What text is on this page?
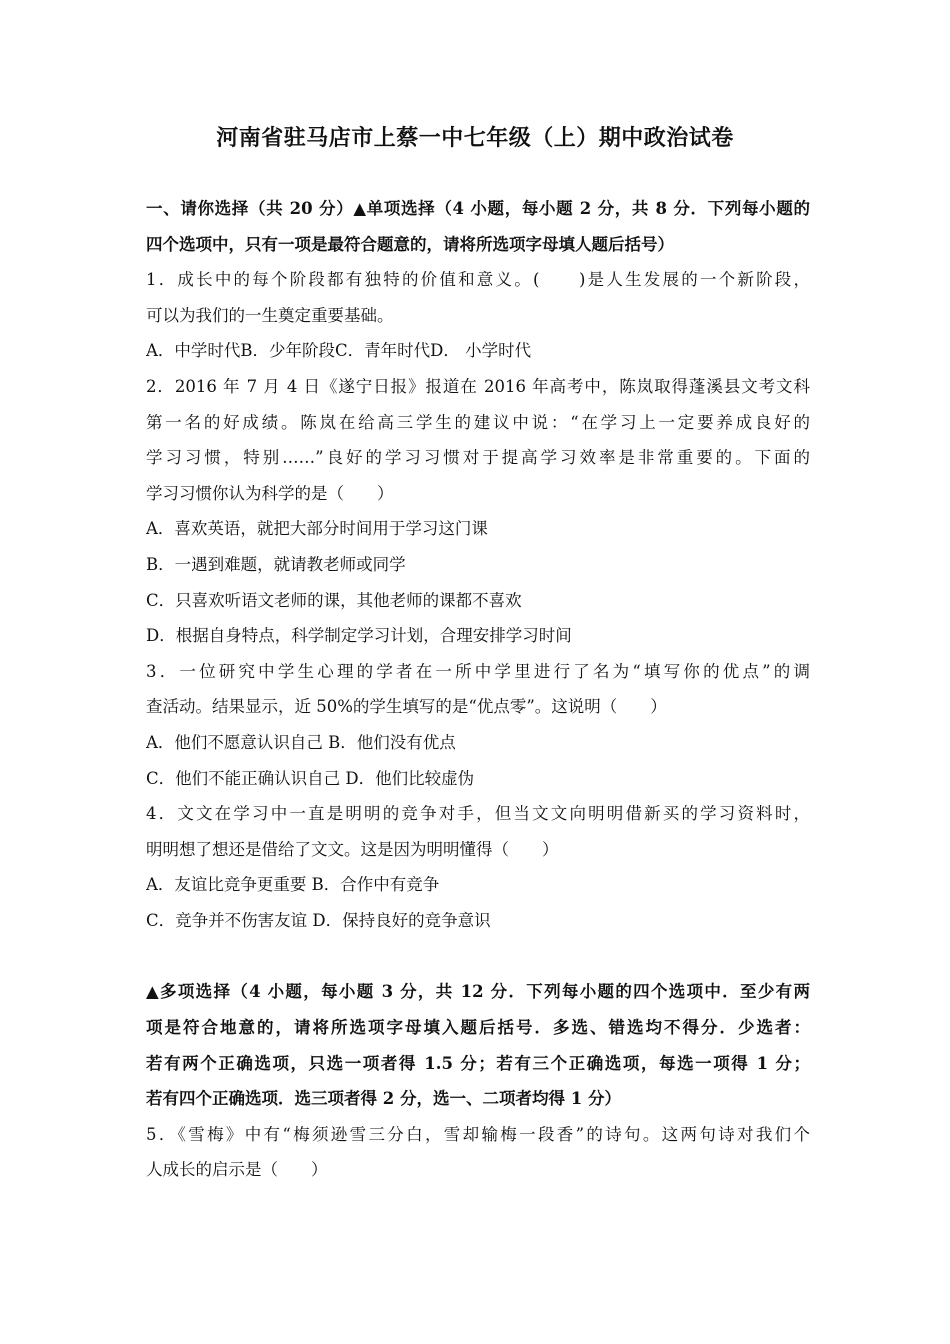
河南省驻马店市上蔡一中七年级（上）期中政治试卷
一、请你选择（共 20 分）▲单项选择（4 小题，每小题 2 分，共 8 分．下列每小题的
四个选项中，只有一项是最符合题意的，请将所选项字母填人题后括号）
1．成长中的每个阶段都有独特的价值和意义。(　　)是人生发展的一个新阶段，
可以为我们的一生奠定重要基础。
A．中学时代B．少年阶段C．青年时代D． 小学时代
2．2016 年 7 月 4 日《遂宁日报》报道在 2016 年高考中，陈岚取得蓬溪县文考文科
第一名的好成绩。陈岚在给高三学生的建议中说：“在学习上一定要养成良好的
学习习惯，特别……”良好的学习习惯对于提高学习效率是非常重要的。下面的
学习习惯你认为科学的是（　　）
A．喜欢英语，就把大部分时间用于学习这门课
B．一遇到难题，就请教老师或同学
C．只喜欢听语文老师的课，其他老师的课都不喜欢
D．根据自身特点，科学制定学习计划，合理安排学习时间
3．一位研究中学生心理的学者在一所中学里进行了名为“填写你的优点”的调
查活动。结果显示，近 50%的学生填写的是“优点零”。这说明（　　）
A．他们不愿意认识自己 B．他们没有优点
C．他们不能正确认识自己 D．他们比较虚伪
4．文文在学习中一直是明明的竞争对手，但当文文向明明借新买的学习资料时，
明明想了想还是借给了文文。这是因为明明懂得（　　）
A．友谊比竞争更重要 B．合作中有竞争
C．竞争并不伤害友谊 D．保持良好的竞争意识
▲多项选择（4 小题，每小题 3 分，共 12 分．下列每小题的四个选项中．至少有两
项是符合地意的，请将所选项字母填入题后括号．多选、错选均不得分．少选者：
若有两个正确选项，只选一项者得 1.5 分；若有三个正确选项，每选一项得 1 分；
若有四个正确选项．选三项者得 2 分，选一、二项者均得 1 分）
5．《雪梅》中有“梅须逊雪三分白，雪却输梅一段香”的诗句。这两句诗对我们个
人成长的启示是（　　）
